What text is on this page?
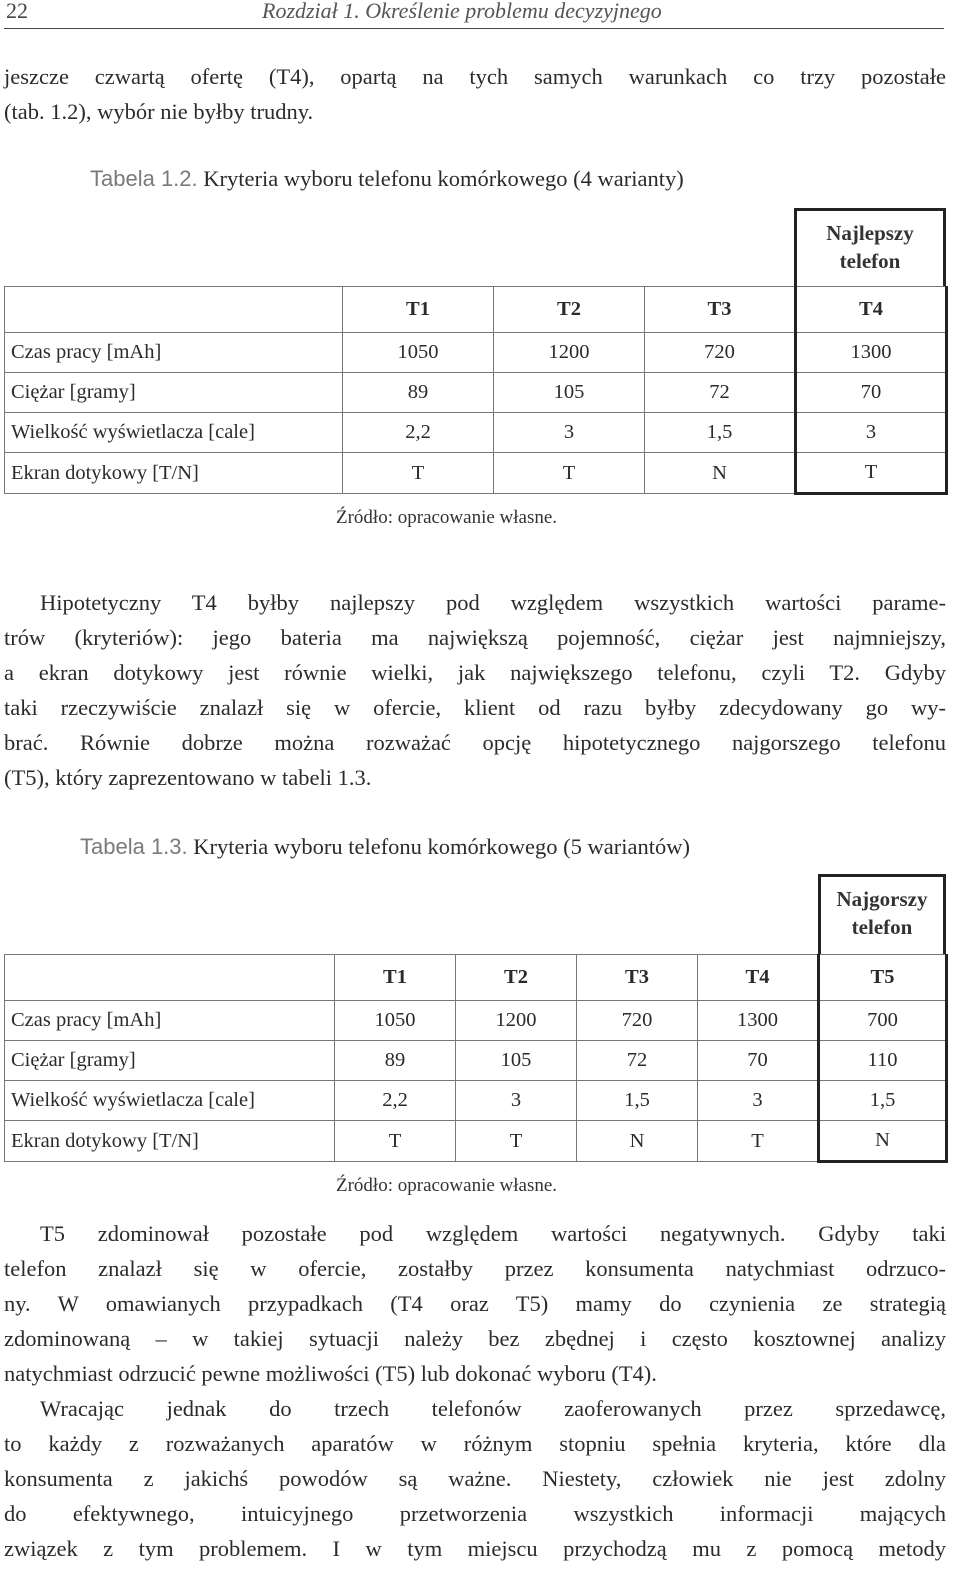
22	Rozdział 1. Określenie problemu decyzyjnego
jeszcze czwartą ofertę (T4), opartą na tych samych warunkach co trzy pozostałe
(tab. 1.2), wybór nie byłby trudny.
Tabela 1.2. Kryteria wyboru telefonu komórkowego (4 warianty)
Najlepszy
telefon
	T1	T2	T3	T4
Czas pracy [mAh]	1050	1200	720	1300
Ciężar [gramy]	89	105	72	70
Wielkość wyświetlacza [cale]	2,2	3	1,5	3
Ekran dotykowy [T/N]	T	T	N	T
Źródło: opracowanie własne.
Hipotetyczny T4 byłby najlepszy pod względem wszystkich wartości parame-
trów (kryteriów): jego bateria ma największą pojemność, ciężar jest najmniejszy,
a ekran dotykowy jest równie wielki, jak największego telefonu, czyli T2. Gdyby
taki rzeczywiście znalazł się w ofercie, klient od razu byłby zdecydowany go wy-
brać. Równie dobrze można rozważać opcję hipotetycznego najgorszego telefonu
(T5), który zaprezentowano w tabeli 1.3.
Tabela 1.3. Kryteria wyboru telefonu komórkowego (5 wariantów)
Najgorszy
telefon
	T1	T2	T3	T4	T5
Czas pracy [mAh]	1050	1200	720	1300	700
Ciężar [gramy]	89	105	72	70	110
Wielkość wyświetlacza [cale]	2,2	3	1,5	3	1,5
Ekran dotykowy [T/N]	T	T	N	T	N
Źródło: opracowanie własne.
T5 zdominował pozostałe pod względem wartości negatywnych. Gdyby taki
telefon znalazł się w ofercie, zostałby przez konsumenta natychmiast odrzuco-
ny. W omawianych przypadkach (T4 oraz T5) mamy do czynienia ze strategią
zdominowaną – w takiej sytuacji należy bez zbędnej i często kosztownej analizy
natychmiast odrzucić pewne możliwości (T5) lub dokonać wyboru (T4).
Wracając jednak do trzech telefonów zaoferowanych przez sprzedawcę,
to każdy z rozważanych aparatów w różnym stopniu spełnia kryteria, które dla
konsumenta z jakichś powodów są ważne. Niestety, człowiek nie jest zdolny
do efektywnego, intuicyjnego przetworzenia wszystkich informacji mających
związek z tym problemem. I w tym miejscu przychodzą mu z pomocą metody
